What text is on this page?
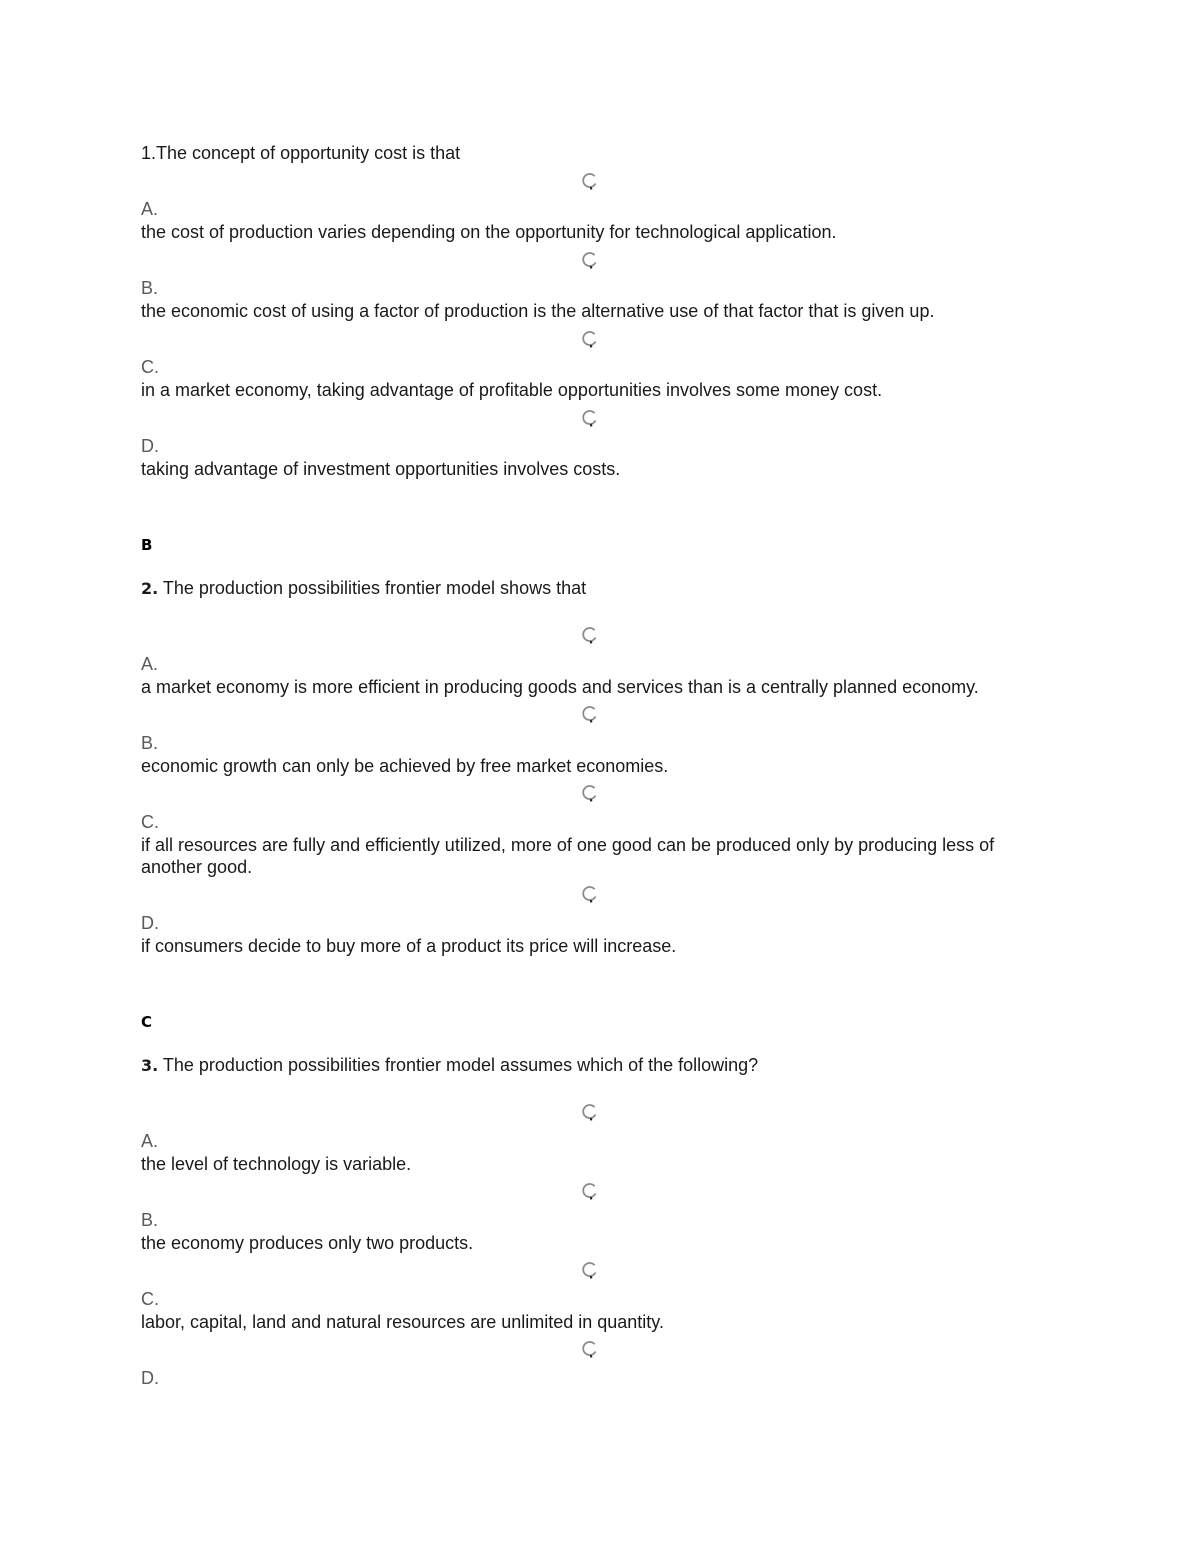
1.The concept of opportunity cost is that
A.
the cost of production varies depending on the opportunity for technological application.
B.
the economic cost of using a factor of production is the alternative use of that factor that is given up.
C.
in a market economy, taking advantage of profitable opportunities involves some money cost.
D.
taking advantage of investment opportunities involves costs.
B
2. The production possibilities frontier model shows that
A.
a market economy is more efficient in producing goods and services than is a centrally planned economy.
B.
economic growth can only be achieved by free market economies.
C.
if all resources are fully and efficiently utilized, more of one good can be produced only by producing less of another good.
D.
if consumers decide to buy more of a product its price will increase.
C
3. The production possibilities frontier model assumes which of the following?
A.
the level of technology is variable.
B.
the economy produces only two products.
C.
labor, capital, land and natural resources are unlimited in quantity.
D.
